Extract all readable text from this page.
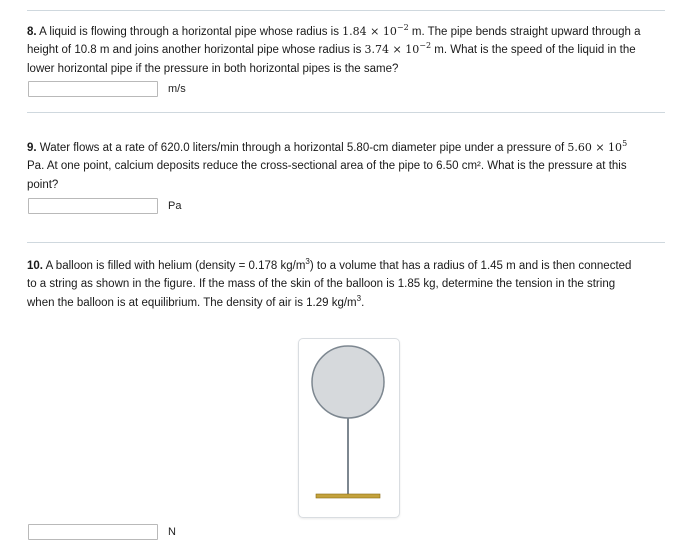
8. A liquid is flowing through a horizontal pipe whose radius is $1.84 \times 10^{-2}$ m. The pipe bends straight upward through a
height of 10.8 m and joins another horizontal pipe whose radius is $3.74 \times 10^{-2}$ m. What is the speed of the liquid in the
lower horizontal pipe if the pressure in both horizontal pipes is the same?
m/s
9. Water flows at a rate of 620.0 liters/min through a horizontal 5.80-cm diameter pipe under a pressure of $5.60 \times 10^5$
Pa. At one point, calcium deposits reduce the cross-sectional area of the pipe to 6.50 cm². What is the pressure at this
point?
Pa
10. A balloon is filled with helium (density = 0.178 $kg/m^3$) to a volume that has a radius of 1.45 m and is then connected
to a string as shown in the figure. If the mass of the skin of the balloon is 1.85 kg, determine the tension in the string
when the balloon is at equilibrium. The density of air is 1.29 $kg/m^3$.
N
